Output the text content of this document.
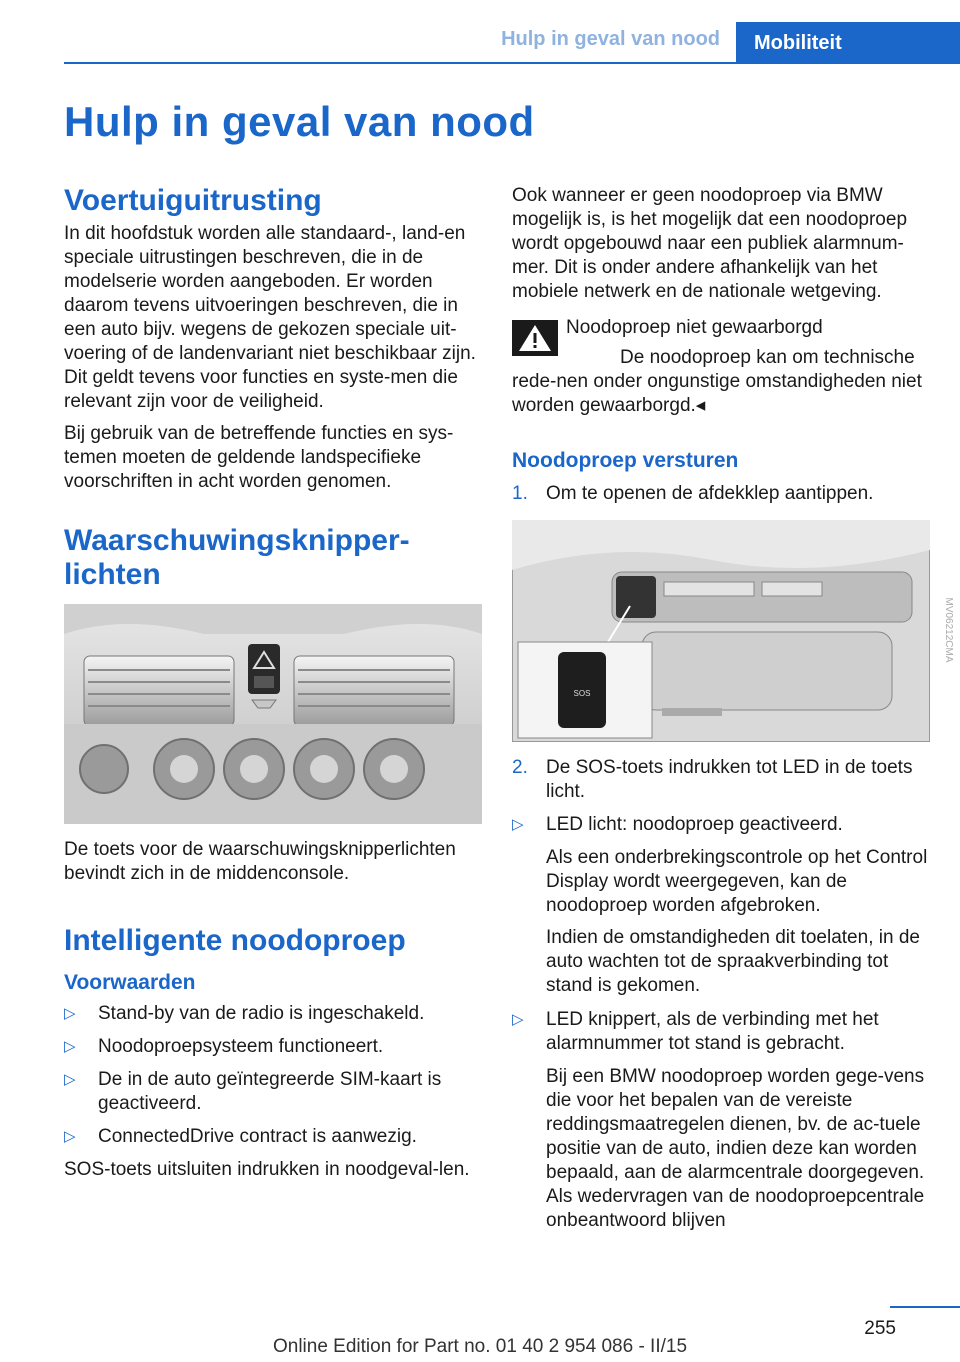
Hulp in geval van nood	Mobiliteit
Hulp in geval van nood
Voertuiguitrusting

In dit hoofdstuk worden alle standaard-, land-en speciale uitrustingen beschreven, die in de modelserie worden aangeboden. Er worden daarom tevens uitvoeringen beschreven, die in een auto bijv. wegens de gekozen speciale uit-voering of de landenvariant niet beschikbaar zijn. Dit geldt tevens voor functies en syste-men die relevant zijn voor de veiligheid.

Bij gebruik van de betreffende functies en sys-temen moeten de geldende landspecifieke voorschriften in acht worden genomen.

Waarschuwingsknipper-lichten

De toets voor de waarschuwingsknipperlichten bevindt zich in de middenconsole.

Intelligente noodoproep
Voorwaarden
▷ Stand-by van de radio is ingeschakeld.
▷ Noodoproepsysteem functioneert.
▷ De in de auto geïntegreerde SIM-kaart is geactiveerd.
▷ ConnectedDrive contract is aanwezig.

SOS-toets uitsluiten indrukken in noodgeval-len.

Ook wanneer er geen noodoproep via BMW mogelijk is, is het mogelijk dat een noodoproep wordt opgebouwd naar een publiek alarmnum-mer. Dit is onder andere afhankelijk van het mobiele netwerk en de nationale wetgeving.

Noodoproep niet gewaarborgd
De noodoproep kan om technische rede-nen onder ongunstige omstandigheden niet worden gewaarborgd.◂
Noodoproep versturen
1. Om te openen de afdekklep aantippen.
SOS
MV06212CMA
2. De SOS-toets indrukken tot LED in de toets licht.
▷ LED licht: noodoproep geactiveerd.

Als een onderbrekingscontrole op het Control Display wordt weergegeven, kan de noodoproep worden afgebroken.

Indien de omstandigheden dit toelaten, in de auto wachten tot de spraakverbinding tot stand is gekomen.

▷ LED knippert, als de verbinding met het alarmnummer tot stand is gebracht.

Bij een BMW noodoproep worden gege-vens die voor het bepalen van de vereiste reddingsmaatregelen dienen, bv. de ac-tuele positie van de auto, indien deze kan worden bepaald, aan de alarmcentrale doorgegeven. Als wedervragen van de noodoproepcentrale onbeantwoord blijven

255
Online Edition for Part no. 01 40 2 954 086 - II/15
